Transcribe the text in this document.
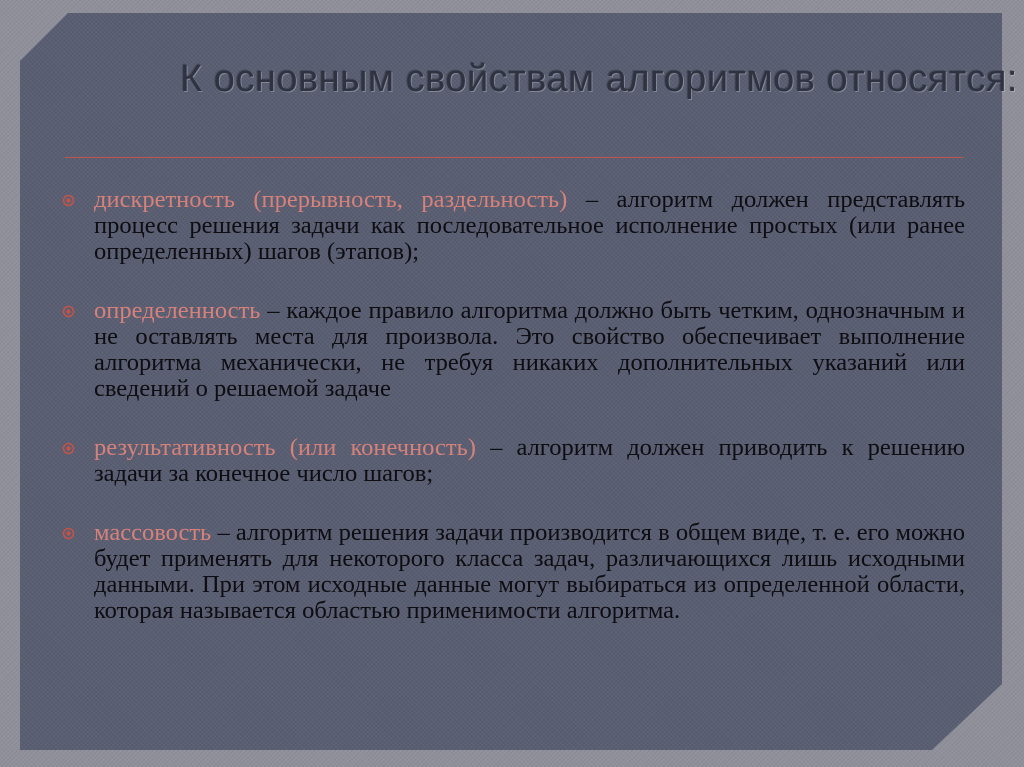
К основным свойствам алгоритмов относятся:

дискретность (прерывность, раздельность) – алгоритм должен представлять процесс решения задачи как последовательное исполнение простых (или ранее определенных) шагов (этапов);

определенность – каждое правило алгоритма должно быть четким, однозначным и не оставлять места для произвола. Это свойство обеспечивает выполнение алгоритма механически, не требуя никаких дополнительных указаний или сведений о решаемой задаче

результативность (или конечность) – алгоритм должен приводить к решению задачи за конечное число шагов;

массовость – алгоритм решения задачи производится в общем виде, т. е. его можно будет применять для некоторого класса задач, различающихся лишь исходными данными. При этом исходные данные могут выбираться из определенной области, которая называется областью применимости алгоритма.
